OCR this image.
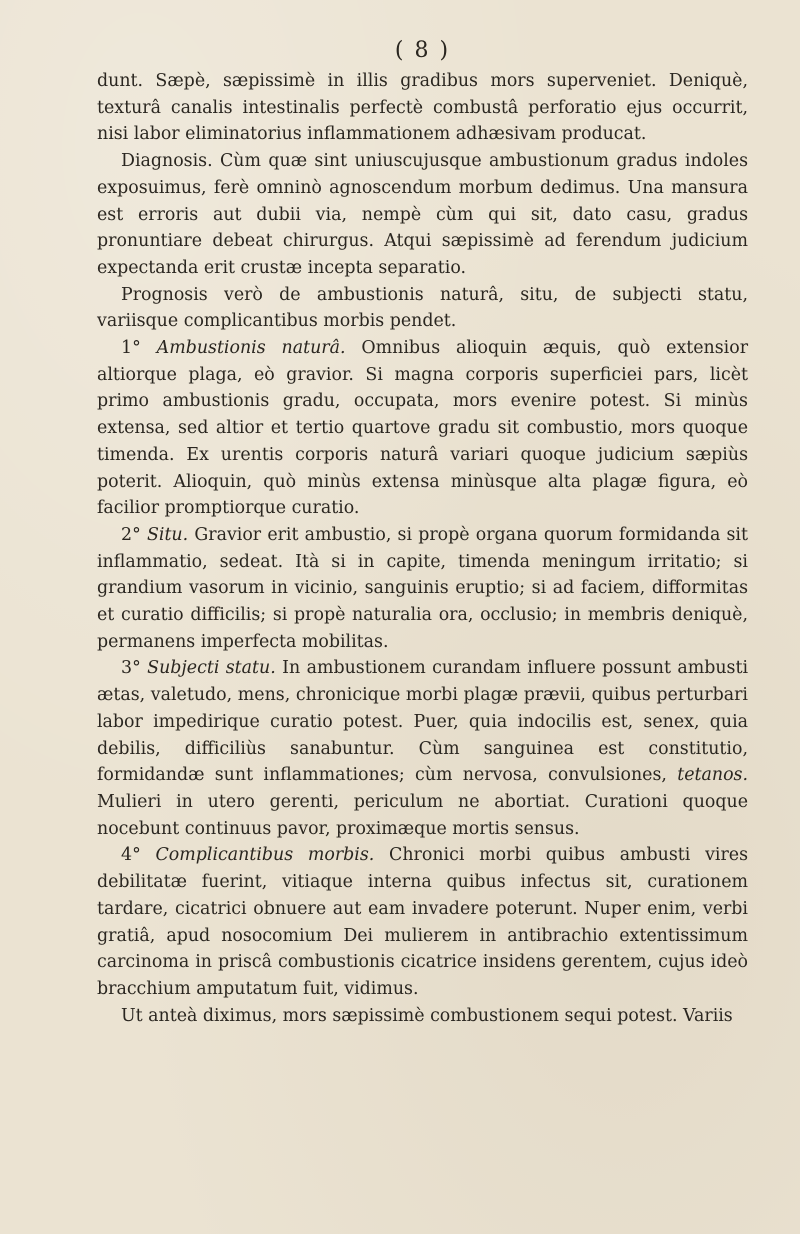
( 8 )

dunt. Sæpè, sæpissimè in illis gradibus mors superveniet. Deniquè, texturâ canalis intestinalis perfectè combustâ perforatio ejus occurrit, nisi labor eliminatorius inflammationem adhæsivam producat.

Diagnosis. Cùm quæ sint uniuscujusque ambustionum gradus indoles exposuimus, ferè omninò agnoscendum morbum dedimus. Una mansura est erroris aut dubii via, nempè cùm qui sit, dato casu, gradus pronuntiare debeat chirurgus. Atqui sæpissimè ad ferendum judicium expectanda erit crustæ incepta separatio.

Prognosis verò de ambustionis naturâ, situ, de subjecti statu, variisque complicantibus morbis pendet.

1° Ambustionis naturâ. Omnibus alioquin æquis, quò extensior altiorque plaga, eò gravior. Si magna corporis superficiei pars, licèt primo ambustionis gradu, occupata, mors evenire potest. Si minùs extensa, sed altior et tertio quartove gradu sit combustio, mors quoque timenda. Ex urentis corporis naturâ variari quoque judicium sæpiùs poterit. Alioquin, quò minùs extensa minùsque alta plagæ figura, eò facilior promptiorque curatio.

2° Situ. Gravior erit ambustio, si propè organa quorum formidanda sit inflammatio, sedeat. Ità si in capite, timenda meningum irritatio; si grandium vasorum in vicinio, sanguinis eruptio; si ad faciem, difformitas et curatio difficilis; si propè naturalia ora, occlusio; in membris deniquè, permanens imperfecta mobilitas.

3° Subjecti statu. In ambustionem curandam influere possunt ambusti ætas, valetudo, mens, chronicique morbi plagæ prævii, quibus perturbari labor impedirique curatio potest. Puer, quia indocilis est, senex, quia debilis, difficiliùs sanabuntur. Cùm sanguinea est constitutio, formidandæ sunt inflammationes; cùm nervosa, convulsiones, tetanos. Mulieri in utero gerenti, periculum ne abortiat. Curationi quoque nocebunt continuus pavor, proximæque mortis sensus.

4° Complicantibus morbis. Chronici morbi quibus ambusti vires debilitatæ fuerint, vitiaque interna quibus infectus sit, curationem tardare, cicatrici obnuere aut eam invadere poterunt. Nuper enim, verbi gratiâ, apud nosocomium Dei mulierem in antibrachio extentissimum carcinoma in priscâ combustionis cicatrice insidens gerentem, cujus ideò bracchium amputatum fuit, vidimus.

Ut anteà diximus, mors sæpissimè combustionem sequi potest. Variis
